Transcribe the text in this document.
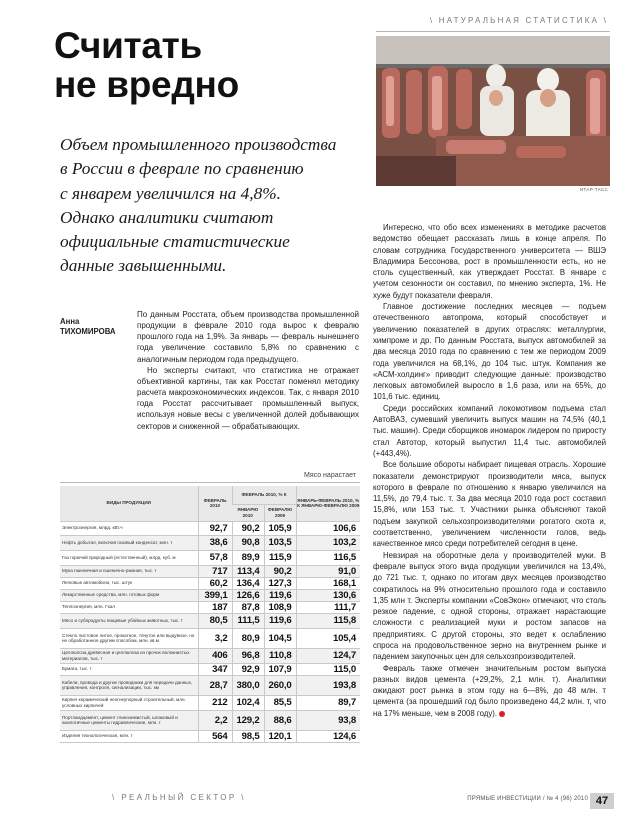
\ НАТУРАЛЬНАЯ СТАТИСТИКА \
Считать
не вредно
Объем промышленного производства
в России в феврале по сравнению
с январем увеличился на 4,8%.
Однако аналитики считают
официальные статистические
данные завышенными.
ИТАР-ТАСС
Анна
ТИХОМИРОВА

По данным Росстата, объем производства промышленной продукции в феврале 2010 года вырос к февралю прошлого года на 1,9%. За январь — февраль нынешнего года увеличение составило 5,8% по сравнению с аналогичным периодом года предыдущего.

Но эксперты считают, что статистика не отражает объективной картины, так как Росстат поменял методику расчета макроэкономических индексов. Так, с января 2010 года Росстат рассчитывает промышленный выпуск, используя новые весы с увеличенной долей добывающих секторов и сниженной — обрабатывающих.

Интересно, что обо всех изменениях в методике расчетов ведомство обещает рассказать лишь в конце апреля. По словам сотрудника Государственного университета — ВШЭ Владимира Бессонова, рост в промышленности есть, но не столь существенный, как утверждает Росстат. В январе с учетом сезонности он составил, по мнению эксперта, 1%. Не хуже будут показатели февраля.

Главное достижение последних месяцев — подъем отечественного автопрома, который способствует и увеличению показателей в других отраслях: металлургии, химпроме и др. По данным Росстата, выпуск автомобилей за два месяца 2010 года по сравнению с тем же периодом 2009 года увеличился на 68,1%, до 104 тыс. штук. Компания же «АСМ-холдинг» приводит следующие данные: производство легковых автомобилей выросло в 1,6 раза, или на 65%, до 101,6 тыс. единиц.

Среди российских компаний локомотивом подъема стал АвтоВАЗ, сумевший увеличить выпуск машин на 74,5% (40,1 тыс. машин). Среди сборщиков иномарок лидером по приросту стал Автотор, который выпустил 11,4 тыс. автомобилей (+443,4%).

Все большие обороты набирает пищевая отрасль. Хорошие показатели демонстрируют производители мяса, выпуск которого в феврале по отношению к январю увеличился на 11,5%, до 79,4 тыс. т. За два месяца 2010 года рост составил 15,8%, или 153 тыс. т. Участники рынка объясняют такой подъем закупкой сельхозпроизводителями рогатого скота и, соответственно, увеличением численности голов, ведь качественное мясо среди потребителей сегодня в цене.

Невзирая на оборотные дела у производителей муки. В феврале выпуск этого вида продукции увеличился на 13,4%, до 721 тыс. т, однако по итогам двух месяцев производство сократилось на 9% относительно прошлого года и составило 1,35 млн т. Эксперты компании «СовЭкон» отмечают, что столь резкое падение, с одной стороны, отражает нарастающие сложности с реализацией муки и ростом запасов на предприятиях. С другой стороны, это ведет к ослаблению спроса на продовольственное зерно на внутреннем рынке и падением закупочных цен для сельхозпроизводителей.

Февраль также отмечен значительным ростом выпуска разных видов цемента (+29,2%, 2,1 млн. т). Аналитики ожидают рост рынка в этом году на 6—8%, до 48 млн. т цемента (за прошедший год было произведено 44,2 млн. т, что на 17% меньше, чем в 2008 году).

Мясо нарастает
ВИДЫ ПРОДУКЦИИ	ФЕВРАЛЬ 2010	ФЕВРАЛЬ 2010, % К		ЯНВАРЬ-ФЕВРАЛЬ 2010, % К ЯНВАРЮ-ФЕВРАЛЮ 2009
		ЯНВАРЮ 2010	ФЕВРАЛЮ 2009	
Электроэнергия, млрд. кВт.ч	92,7	90,2	105,9	106,6
Нефть добытая, включая газовый конденсат, млн. т	38,6	90,8	103,5	103,2
Газ горючий природный (естественный), млрд. куб. м	57,8	89,9	115,9	116,5
Мука пшеничная и пшенично-ржаная, тыс. т	717	113,4	90,2	91,0
Легковые автомобили, тыс. штук	60,2	136,4	127,3	168,1
Лекарственные средства, млн. готовых форм	399,1	126,6	119,6	130,6
Теплоэнергия, млн. Гкал	187	87,8	108,9	111,7
Мясо и субпродукты пищевые убойных животных, тыс. т	80,5	111,5	119,6	115,8
Стекло листовое литое, прокатное, тянутое или выдувное, но не обработанное другим способом, млн. кв.м	3,2	80,9	104,5	105,4
Целлюлоза древесная и целлюлоза из прочих волокнистых материалов, тыс. т	406	96,8	110,8	124,7
Бумага, тыс. т	347	92,9	107,9	115,0
Кабели, провода и другие проводники для передачи данных, управления, контроля, сигнализации, тыс. км	28,7	380,0	260,0	193,8
Кирпич керамический неогнеупорный строительный, млн. условных кирпичей	212	102,4	85,5	89,7
Портландцемент, цемент глиноземистый, шлаковый и аналогичные цементы гидравлические, млн. т	2,2	129,2	88,6	93,8
Изделия технологическая, млн. т	564	98,5	120,1	124,6
\ РЕАЛЬНЫЙ СЕКТОР \	ПРЯМЫЕ ИНВЕСТИЦИИ / № 4 (96) 2010 47
